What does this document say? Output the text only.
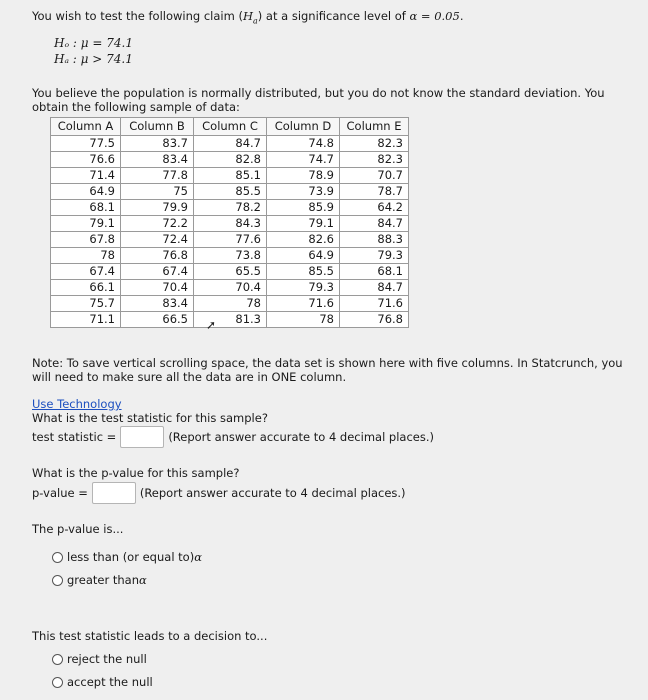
You wish to test the following claim $(H_a)$ at a significance level of α = 0.05.
Hₒ : μ = 74.1
Hₐ : μ > 74.1
You believe the population is normally distributed, but you do not know the standard deviation. You obtain the following sample of data:
Column A	Column B	Column C	Column D	Column E
77.5	83.7	84.7	74.8	82.3
76.6	83.4	82.8	74.7	82.3
71.4	77.8	85.1	78.9	70.7
64.9	75	85.5	73.9	78.7
68.1	79.9	78.2	85.9	64.2
79.1	72.2	84.3	79.1	84.7
67.8	72.4	77.6	82.6	88.3
78	76.8	73.8	64.9	79.3
67.4	67.4	65.5	85.5	68.1
66.1	70.4	70.4	79.3	84.7
75.7	83.4	78	71.6	71.6
71.1	66.5	81.3	78	76.8
➚
Note: To save vertical scrolling space, the data set is shown here with five columns. In Statcrunch, you will need to make sure all the data are in ONE column.
Use Technology
What is the test statistic for this sample?
test statistic =	(Report answer accurate to 4 decimal places.)
What is the p-value for this sample?
p-value =	(Report answer accurate to 4 decimal places.)
The p-value is...
less than (or equal to) α
greater than α
This test statistic leads to a decision to...
reject the null
accept the null
